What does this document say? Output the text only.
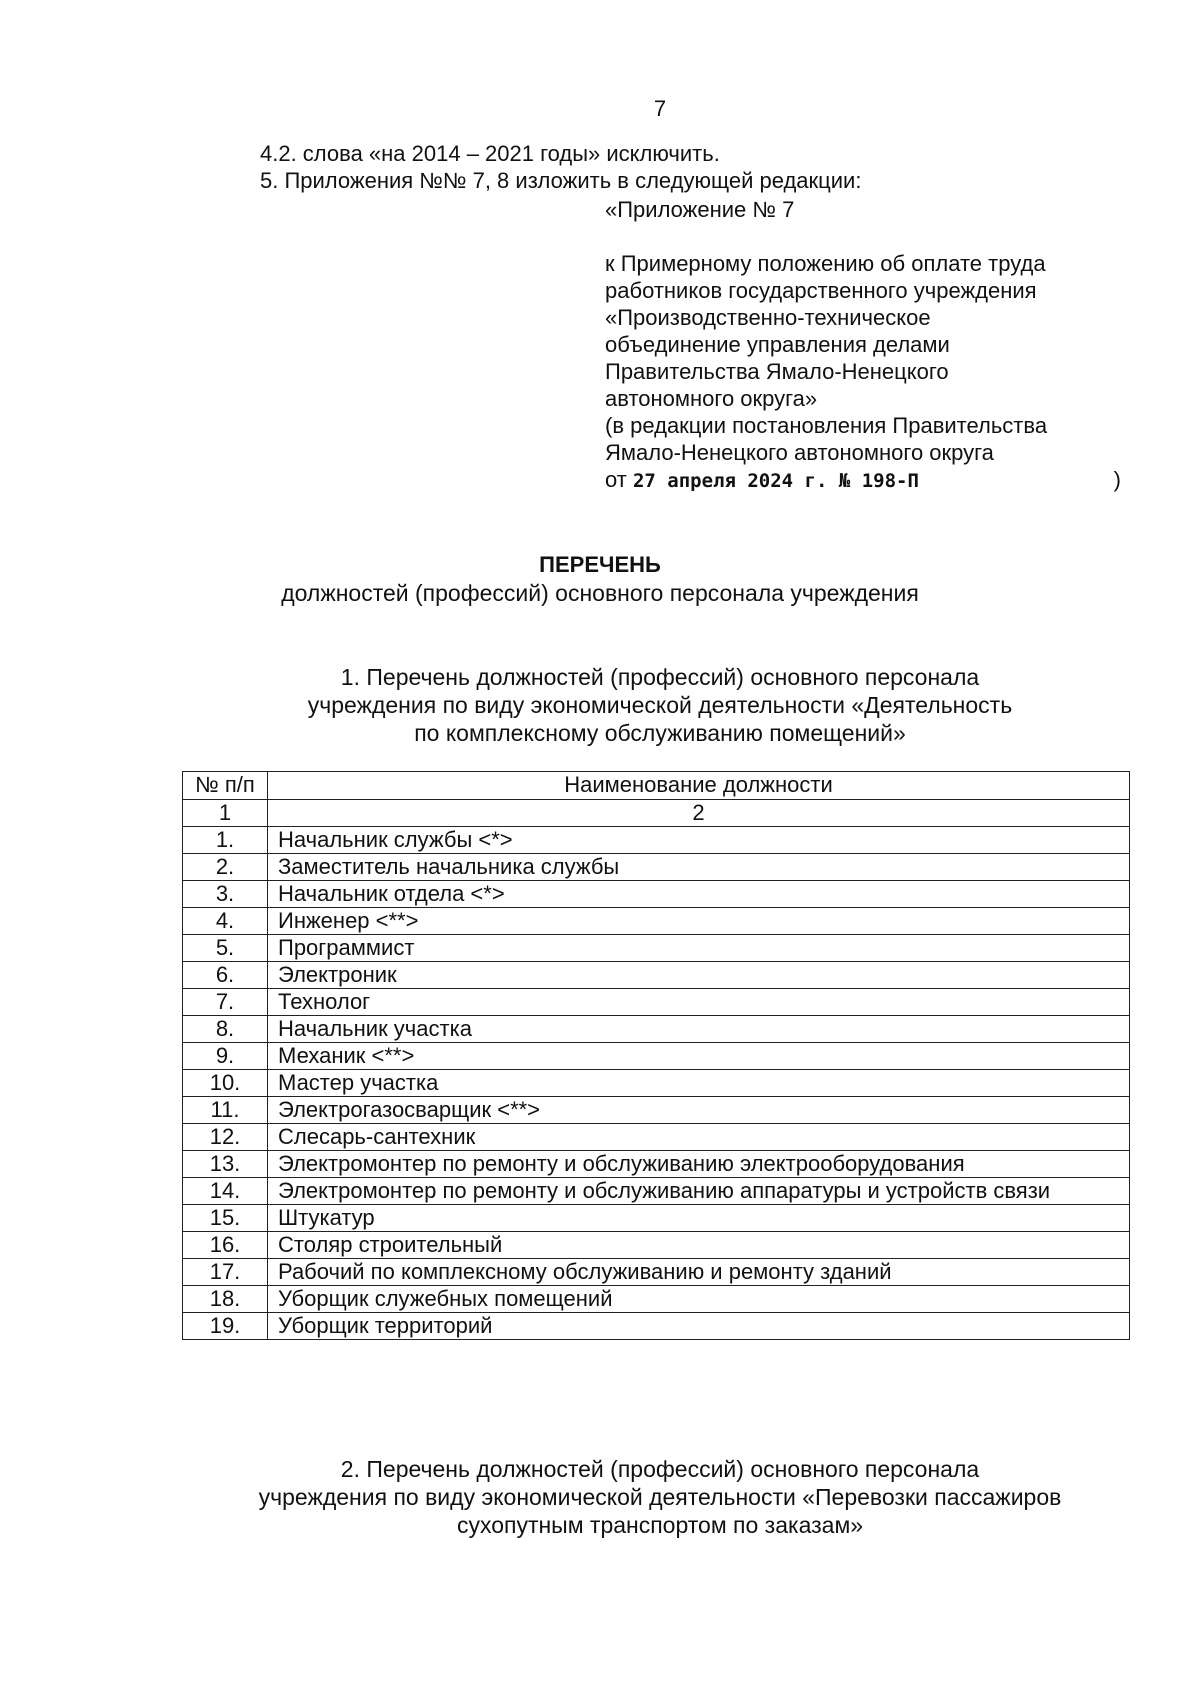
7
4.2. слова «на 2014 – 2021 годы» исключить.
5. Приложения №№ 7, 8 изложить в следующей редакции:
«Приложение № 7
к Примерному положению об оплате труда
работников государственного учреждения
«Производственно-техническое
объединение управления делами
Правительства Ямало-Ненецкого
автономного округа»
(в редакции постановления Правительства
Ямало-Ненецкого автономного округа
от 27 апреля 2024 г. № 198-П	)
ПЕРЕЧЕНЬ
должностей (профессий) основного персонала учреждения
1. Перечень должностей (профессий) основного персонала
учреждения по виду экономической деятельности «Деятельность
по комплексному обслуживанию помещений»
№ п/п	Наименование должности
1	2
1.	Начальник службы <*>
2.	Заместитель начальника службы
3.	Начальник отдела <*>
4.	Инженер <**>
5.	Программист
6.	Электроник
7.	Технолог
8.	Начальник участка
9.	Механик <**>
10.	Мастер участка
11.	Электрогазосварщик <**>
12.	Слесарь-сантехник
13.	Электромонтер по ремонту и обслуживанию электрооборудования
14.	Электромонтер по ремонту и обслуживанию аппаратуры и устройств связи
15.	Штукатур
16.	Столяр строительный
17.	Рабочий по комплексному обслуживанию и ремонту зданий
18.	Уборщик служебных помещений
19.	Уборщик территорий
2. Перечень должностей (профессий) основного персонала
учреждения по виду экономической деятельности «Перевозки пассажиров
сухопутным транспортом по заказам»
